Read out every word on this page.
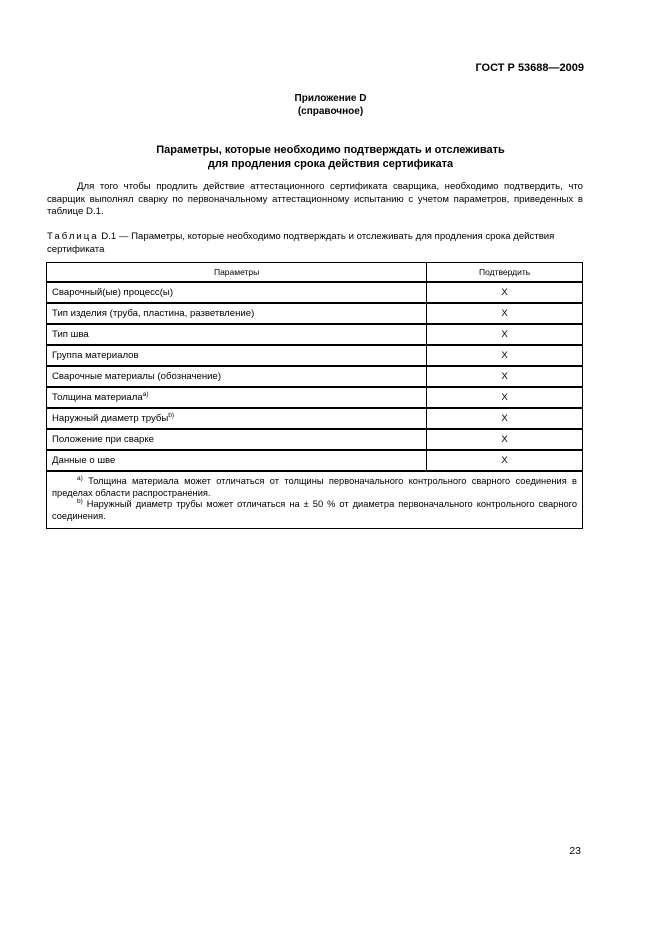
ГОСТ Р 53688—2009
Приложение D
(справочное)
Параметры, которые необходимо подтверждать и отслеживать
для продления срока действия сертификата

Для того чтобы продлить действие аттестационного сертификата сварщика, необходимо подтвердить, что сварщик выполнял сварку по первоначальному аттестационному испытанию с учетом параметров, приведенных в таблице D.1.

Таблица D.1 — Параметры, которые необходимо подтверждать и отслеживать для продления срока действия сертификата

Параметры	Подтвердить
Сварочный(ые) процесс(ы)	X
Тип изделия (труба, пластина, разветвление)	X
Тип шва	X
Группа материалов	X
Сварочные материалы (обозначение)	X
Толщина материала$^{a)}$	X
Наружный диаметр трубы$^{b)}$	X
Положение при сварке	X
Данные о шве	X

$^{a)}$ Толщина материала может отличаться от толщины первоначального контрольного сварного соединения в пределах области распространения.

$^{b)}$ Наружный диаметр трубы может отличаться на ± 50 % от диаметра первоначального контрольного сварного соединения.	

23
